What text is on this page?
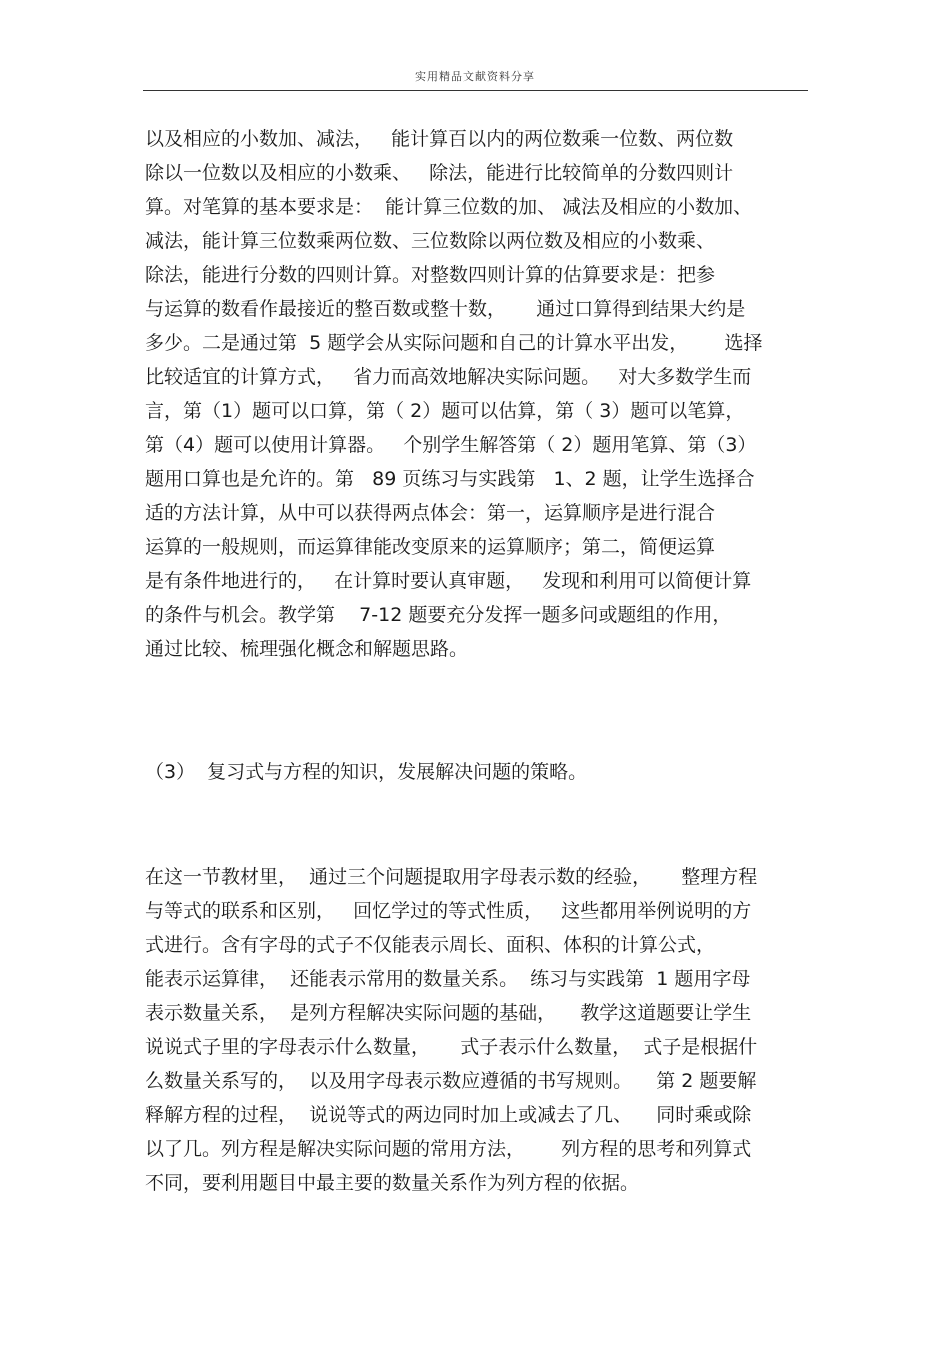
实用精品文献资料分享
以及相应的小数加、减法，   能计算百以内的两位数乘一位数、两位数
除以一位数以及相应的小数乘、   除法，能进行比较简单的分数四则计
算。对笔算的基本要求是：  能计算三位数的加、 减法及相应的小数加、
减法，能计算三位数乘两位数、三位数除以两位数及相应的小数乘、
除法，能进行分数的四则计算。对整数四则计算的估算要求是：把参
与运算的数看作最接近的整百数或整十数，     通过口算得到结果大约是
多少。二是通过第  5 题学会从实际问题和自己的计算水平出发，      选择
比较适宜的计算方式，   省力而高效地解决实际问题。   对大多数学生而
言，第（1）题可以口算，第（ 2）题可以估算，第（ 3）题可以笔算，
第（4）题可以使用计算器。   个别学生解答第（ 2）题用笔算、第（3）
题用口算也是允许的。第   89 页练习与实践第   1、2 题，让学生选择合
适的方法计算，从中可以获得两点体会：第一，运算顺序是进行混合
运算的一般规则，而运算律能改变原来的运算顺序；第二，简便运算
是有条件地进行的，   在计算时要认真审题，   发现和利用可以简便计算
的条件与机会。教学第    7-12 题要充分发挥一题多问或题组的作用，
通过比较、梳理强化概念和解题思路。
（3）  复习式与方程的知识，发展解决问题的策略。
在这一节教材里，  通过三个问题提取用字母表示数的经验，     整理方程
与等式的联系和区别，   回忆学过的等式性质，   这些都用举例说明的方
式进行。含有字母的式子不仅能表示周长、面积、体积的计算公式，
能表示运算律，  还能表示常用的数量关系。  练习与实践第  1 题用字母
表示数量关系，  是列方程解决实际问题的基础，    教学这道题要让学生
说说式子里的字母表示什么数量，     式子表示什么数量，  式子是根据什
么数量关系写的，  以及用字母表示数应遵循的书写规则。    第 2 题要解
释解方程的过程，  说说等式的两边同时加上或减去了几、    同时乘或除
以了几。列方程是解决实际问题的常用方法，      列方程的思考和列算式
不同，要利用题目中最主要的数量关系作为列方程的依据。
